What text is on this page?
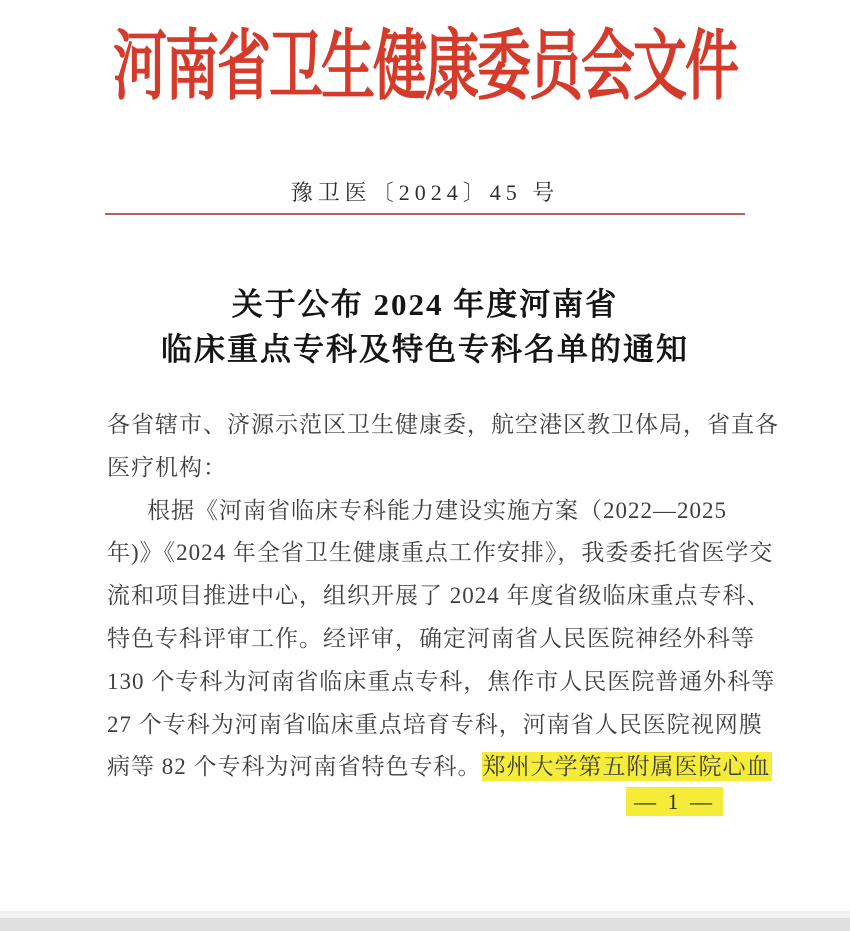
河南省卫生健康委员会文件
豫卫医〔2024〕45 号
关于公布 2024 年度河南省
临床重点专科及特色专科名单的通知
各省辖市、济源示范区卫生健康委，航空港区教卫体局，省直各
医疗机构：
根据《河南省临床专科能力建设实施方案（2022—2025
年)》《2024 年全省卫生健康重点工作安排》，我委委托省医学交
流和项目推进中心，组织开展了 2024 年度省级临床重点专科、
特色专科评审工作。经评审，确定河南省人民医院神经外科等
130 个专科为河南省临床重点专科，焦作市人民医院普通外科等
27 个专科为河南省临床重点培育专科，河南省人民医院视网膜
病等 82 个专科为河南省特色专科。郑州大学第五附属医院心血
— 1 —
